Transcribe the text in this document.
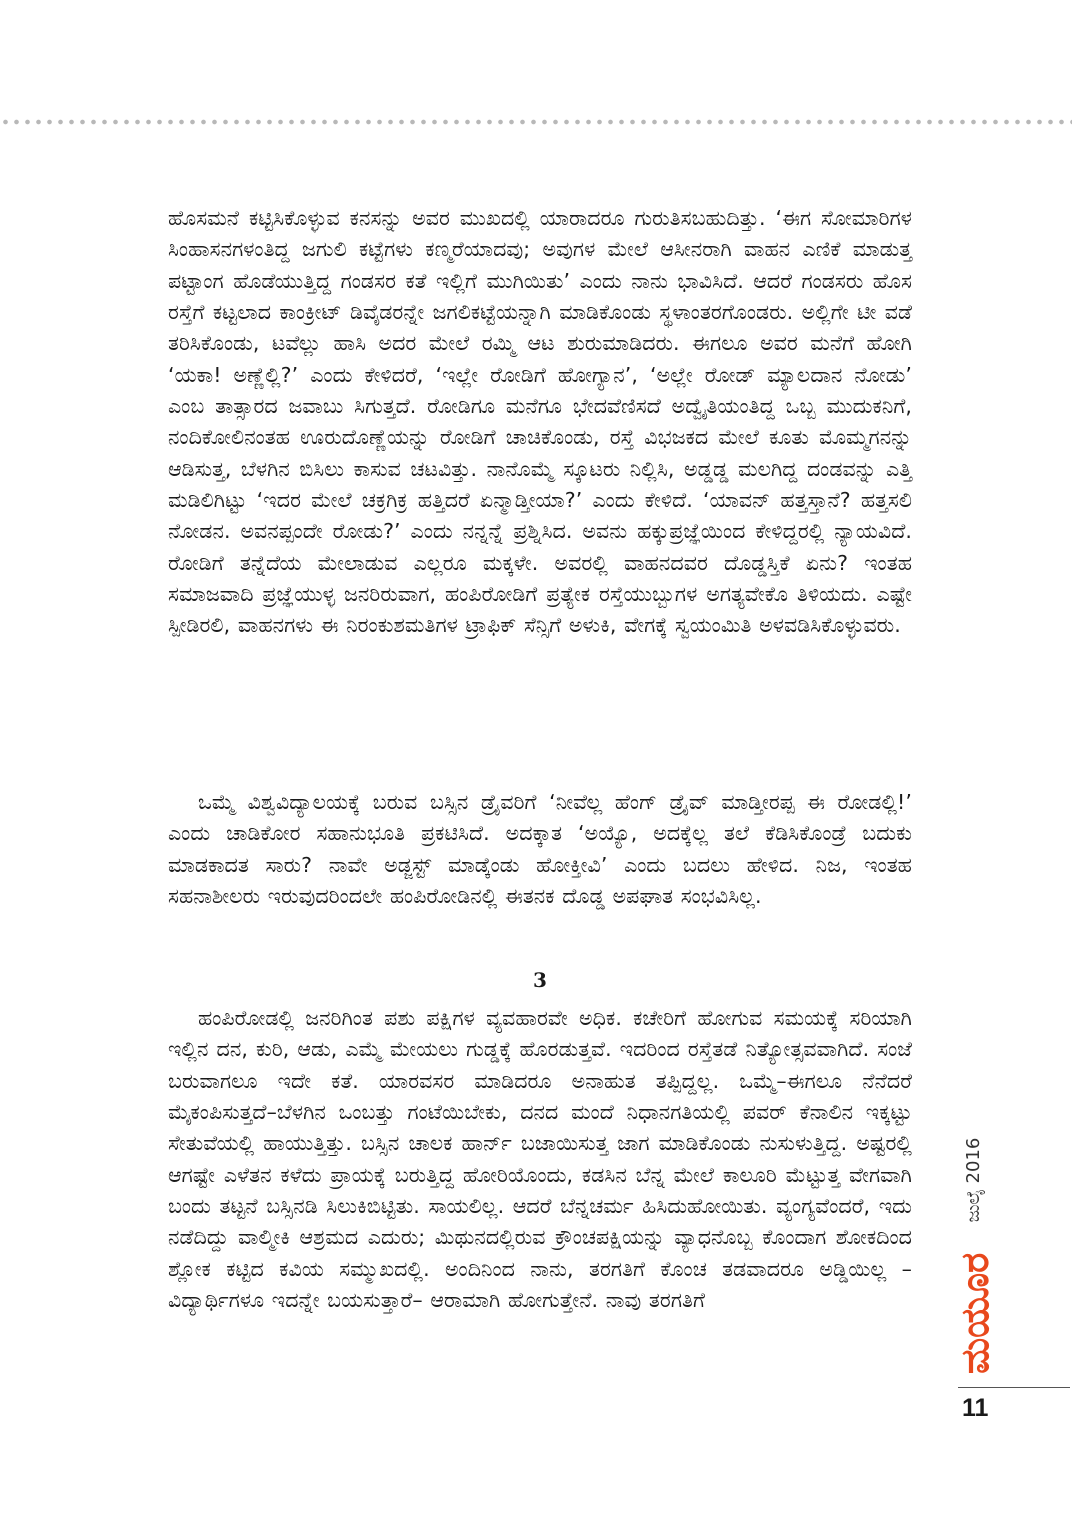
ಹೊಸಮನೆ ಕಟ್ಟಿಸಿಕೊಳ್ಳುವ ಕನಸನ್ನು ಅವರ ಮುಖದಲ್ಲಿ ಯಾರಾದರೂ ಗುರುತಿಸಬಹುದಿತ್ತು. ‘ಈಗ ಸೋಮಾರಿಗಳ ಸಿಂಹಾಸನಗಳಂತಿದ್ದ ಜಗುಲಿ ಕಟ್ಟೆಗಳು ಕಣ್ಮರೆಯಾದವು; ಅವುಗಳ ಮೇಲೆ ಆಸೀನರಾಗಿ ವಾಹನ ಎಣಿಕೆ ಮಾಡುತ್ತ ಪಟ್ಟಾಂಗ ಹೊಡೆಯುತ್ತಿದ್ದ ಗಂಡಸರ ಕತೆ ಇಲ್ಲಿಗೆ ಮುಗಿಯಿತು’ ಎಂದು ನಾನು ಭಾವಿಸಿದೆ. ಆದರೆ ಗಂಡಸರು ಹೊಸ ರಸ್ತೆಗೆ ಕಟ್ಟಲಾದ ಕಾಂಕ್ರೀಟ್ ಡಿವೈಡರನ್ನೇ ಜಗಲಿಕಟ್ಟೆಯನ್ನಾಗಿ ಮಾಡಿಕೊಂಡು ಸ್ಥಳಾಂತರಗೊಂಡರು. ಅಲ್ಲಿಗೇ ಟೀ ವಡೆ ತರಿಸಿಕೊಂಡು, ಟವೆಲ್ಲು ಹಾಸಿ ಅದರ ಮೇಲೆ ರಮ್ಮಿ ಆಟ ಶುರುಮಾಡಿದರು. ಈಗಲೂ ಅವರ ಮನೆಗೆ ಹೋಗಿ ‘ಯಕಾ! ಅಣ್ಣೆಲ್ಲಿ?’ ಎಂದು ಕೇಳಿದರೆ, ‘ಇಲ್ಲೇ ರೋಡಿಗೆ ಹೋಗ್ಯಾನ’, ‘ಅಲ್ಲೇ ರೋಡ್ ಮ್ಯಾಲದಾನ ನೋಡು’ ಎಂಬ ತಾತ್ಸಾರದ ಜವಾಬು ಸಿಗುತ್ತದೆ. ರೋಡಿಗೂ ಮನೆಗೂ ಭೇದವೆಣಿಸದೆ ಅದ್ವೈತಿಯಂತಿದ್ದ ಒಬ್ಬ ಮುದುಕನಿಗೆ, ನಂದಿಕೋಲಿನಂತಹ ಊರುದೊಣ್ಣೆಯನ್ನು ರೋಡಿಗೆ ಚಾಚಿಕೊಂಡು, ರಸ್ತೆ ವಿಭಜಕದ ಮೇಲೆ ಕೂತು ಮೊಮ್ಮಗನನ್ನು ಆಡಿಸುತ್ತ, ಬೆಳಗಿನ ಬಿಸಿಲು ಕಾಸುವ ಚಟವಿತ್ತು. ನಾನೊಮ್ಮೆ ಸ್ಕೂಟರು ನಿಲ್ಲಿಸಿ, ಅಡ್ಡಡ್ಡ ಮಲಗಿದ್ದ ದಂಡವನ್ನು ಎತ್ತಿ ಮಡಿಲಿಗಿಟ್ಟು ‘ಇದರ ಮೇಲೆ ಚಕ್ರಗಿಕ್ರ ಹತ್ತಿದರೆ ಏನ್ಮಾಡ್ತೀಯಾ?’ ಎಂದು ಕೇಳಿದೆ. ‘ಯಾವನ್ ಹತ್ತಸ್ತಾನೆ? ಹತ್ತಸಲಿ ನೋಡನ. ಅವನಪ್ಪಂದೇ ರೋಡು?’ ಎಂದು ನನ್ನನ್ನೆ ಪ್ರಶ್ನಿಸಿದ. ಅವನು ಹಕ್ಕುಪ್ರಜ್ಞೆಯಿಂದ ಕೇಳಿದ್ದರಲ್ಲಿ ನ್ಯಾಯವಿದೆ. ರೋಡಿಗೆ ತನ್ನೆದೆಯ ಮೇಲಾಡುವ ಎಲ್ಲರೂ ಮಕ್ಕಳೇ. ಅವರಲ್ಲಿ ವಾಹನದವರ ದೊಡ್ಡಸ್ತಿಕೆ ಏನು? ಇಂತಹ ಸಮಾಜವಾದಿ ಪ್ರಜ್ಞೆಯುಳ್ಳ ಜನರಿರುವಾಗ, ಹಂಪಿರೋಡಿಗೆ ಪ್ರತ್ಯೇಕ ರಸ್ತೆಯುಬ್ಬುಗಳ ಅಗತ್ಯವೇಕೊ ತಿಳಿಯದು. ಎಷ್ಟೇ ಸ್ಪೀಡಿರಲಿ, ವಾಹನಗಳು ಈ ನಿರಂಕುಶಮತಿಗಳ ಟ್ರಾಫಿಕ್ ಸೆನ್ಸಿಗೆ ಅಳುಕಿ, ವೇಗಕ್ಕೆ ಸ್ವಯಂಮಿತಿ ಅಳವಡಿಸಿಕೊಳ್ಳುವರು.

ಒಮ್ಮೆ ವಿಶ್ವವಿದ್ಯಾಲಯಕ್ಕೆ ಬರುವ ಬಸ್ಸಿನ ಡ್ರೈವರಿಗೆ ‘ನೀವೆಲ್ಲ ಹೆಂಗ್ ಡ್ರೈವ್ ಮಾಡ್ತೀರಪ್ಪ ಈ ರೋಡಲ್ಲಿ!’ ಎಂದು ಚಾಡಿಕೋರ ಸಹಾನುಭೂತಿ ಪ್ರಕಟಿಸಿದೆ. ಅದಕ್ಕಾತ ‘ಅಯ್ಯೊ, ಅದಕ್ಕೆಲ್ಲ ತಲೆ ಕೆಡಿಸಿಕೊಂಡ್ರೆ ಬದುಕು ಮಾಡಕಾದತ ಸಾರು? ನಾವೇ ಅಡ್ಜಸ್ಟ್ ಮಾಡ್ಕೆಂಡು ಹೋಕ್ತೀವಿ’ ಎಂದು ಬದಲು ಹೇಳಿದ. ನಿಜ, ಇಂತಹ ಸಹನಾಶೀಲರು ಇರುವುದರಿಂದಲೇ ಹಂಪಿರೋಡಿನಲ್ಲಿ ಈತನಕ ದೊಡ್ಡ ಅಪಘಾತ ಸಂಭವಿಸಿಲ್ಲ.

3

ಹಂಪಿರೋಡಲ್ಲಿ ಜನರಿಗಿಂತ ಪಶು ಪಕ್ಷಿಗಳ ವ್ಯವಹಾರವೇ ಅಧಿಕ. ಕಚೇರಿಗೆ ಹೋಗುವ ಸಮಯಕ್ಕೆ ಸರಿಯಾಗಿ ಇಲ್ಲಿನ ದನ, ಕುರಿ, ಆಡು, ಎಮ್ಮೆ ಮೇಯಲು ಗುಡ್ಡಕ್ಕೆ ಹೊರಡುತ್ತವೆ. ಇದರಿಂದ ರಸ್ತೆತಡೆ ನಿತ್ಯೋತ್ಸವವಾಗಿದೆ. ಸಂಜೆ ಬರುವಾಗಲೂ ಇದೇ ಕತೆ. ಯಾರವಸರ ಮಾಡಿದರೂ ಅನಾಹುತ ತಪ್ಪಿದ್ದಲ್ಲ. ಒಮ್ಮೆ–ಈಗಲೂ ನೆನೆದರೆ ಮೈಕಂಪಿಸುತ್ತದೆ–ಬೆಳಗಿನ ಒಂಬತ್ತು ಗಂಟೆಯಿಬೇಕು, ದನದ ಮಂದೆ ನಿಧಾನಗತಿಯಲ್ಲಿ ಪವರ್ ಕೆನಾಲಿನ ಇಕ್ಕಟ್ಟು ಸೇತುವೆಯಲ್ಲಿ ಹಾಯುತ್ತಿತ್ತು. ಬಸ್ಸಿನ ಚಾಲಕ ಹಾರ್ನ್ ಬಜಾಯಿಸುತ್ತ ಜಾಗ ಮಾಡಿಕೊಂಡು ನುಸುಳುತ್ತಿದ್ದ. ಅಷ್ಟರಲ್ಲಿ ಆಗಷ್ಟೇ ಎಳೆತನ ಕಳೆದು ಪ್ರಾಯಕ್ಕೆ ಬರುತ್ತಿದ್ದ ಹೋರಿಯೊಂದು, ಕಡಸಿನ ಬೆನ್ನ ಮೇಲೆ ಕಾಲೂರಿ ಮೆಟ್ಟುತ್ತ ವೇಗವಾಗಿ ಬಂದು ತಟ್ಟನೆ ಬಸ್ಸಿನಡಿ ಸಿಲುಕಿಬಿಟ್ಟಿತು. ಸಾಯಲಿಲ್ಲ. ಆದರೆ ಬೆನ್ನಚರ್ಮ ಹಿಸಿದುಹೋಯಿತು. ವ್ಯಂಗ್ಯವೆಂದರೆ, ಇದು ನಡೆದಿದ್ದು ವಾಲ್ಮೀಕಿ ಆಶ್ರಮದ ಎದುರು; ಮಿಥುನದಲ್ಲಿರುವ ಕ್ರೌಂಚಪಕ್ಷಿಯನ್ನು ವ್ಯಾಧನೊಬ್ಬ ಕೊಂದಾಗ ಶೋಕದಿಂದ ಶ್ಲೋಕ ಕಟ್ಟಿದ ಕವಿಯ ಸಮ್ಮುಖದಲ್ಲಿ. ಅಂದಿನಿಂದ ನಾನು, ತರಗತಿಗೆ ಕೊಂಚ ತಡವಾದರೂ ಅಡ್ಡಿಯಿಲ್ಲ –ವಿದ್ಯಾರ್ಥಿಗಳೂ ಇದನ್ನೇ ಬಯಸುತ್ತಾರೆ– ಆರಾಮಾಗಿ ಹೋಗುತ್ತೇನೆ. ನಾವು ತರಗತಿಗೆ

ಜುಲೈ 2016
ಮಯೂರ
11
